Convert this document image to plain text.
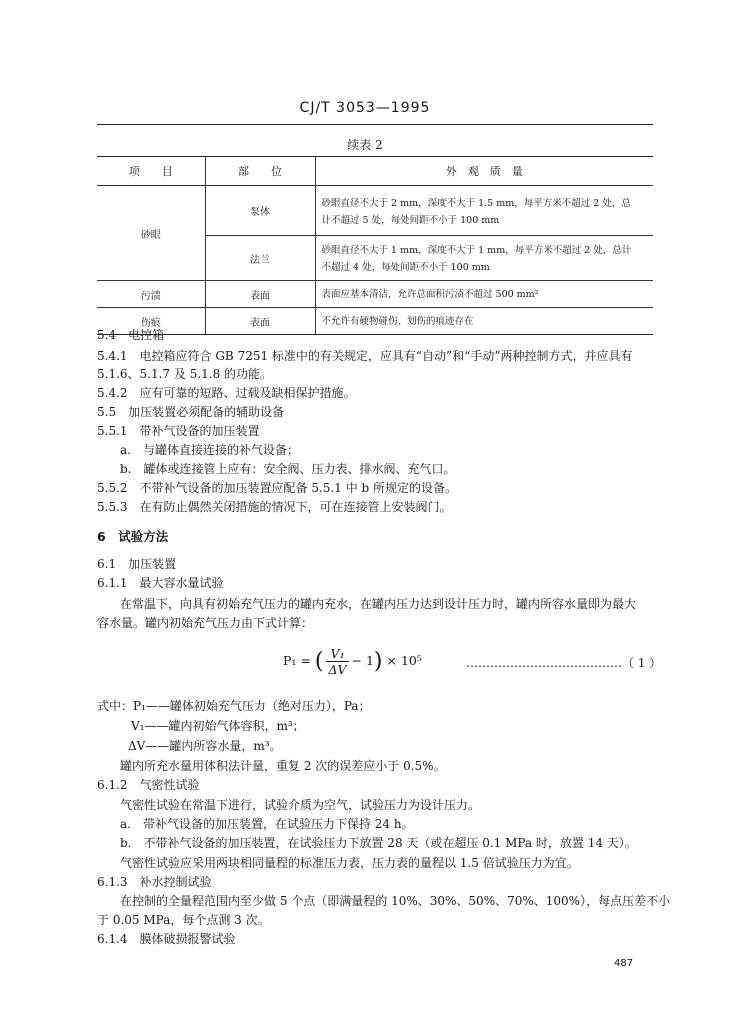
CJ/T 3053—1995
续表 2
项　　目	部　　位	外　观　质　量
砂眼	泵体	砂眼直径不大于 2 mm，深度不大于 1.5 mm，每平方米不超过 2 处，总
计不超过 5 处，每处间距不小于 100 mm

	法兰	砂眼直径不大于 1 mm，深度不大于 1 mm，每平方米不超过 2 处，总计
不超过 4 处，每处间距不小于 100 mm

污渍	表面	表面应基本清洁，允许总面积污渍不超过 500 mm²
伤痕	表面	不允许有硬物碰伤、划伤的痕迹存在
5.4　电控箱
5.4.1　电控箱应符合 GB 7251 标准中的有关规定，应具有“自动”和“手动”两种控制方式，并应具有
5.1.6、5.1.7 及 5.1.8 的功能。
5.4.2　应有可靠的短路、过载及缺相保护措施。
5.5　加压装置必须配备的辅助设备
5.5.1　带补气设备的加压装置
a.　与罐体直接连接的补气设备；
b.　罐体或连接管上应有：安全阀、压力表、排水阀、充气口。
5.5.2　不带补气设备的加压装置应配备 5.5.1 中 b 所规定的设备。
5.5.3　在有防止偶然关闭措施的情况下，可在连接管上安装阀门。
6　试验方法
6.1　加压装置
6.1.1　最大容水量试验
在常温下，向具有初始充气压力的罐内充水，在罐内压力达到设计压力时，罐内所容水量即为最大
容水量。罐内初始充气压力由下式计算：
P₁ = ( $\frac{\text{V₁}}{\Delta V} - 1) \times 10^5$	…………………………………（ 1 ）
式中：P₁——罐体初始充气压力（绝对压力），Pa；
V₁——罐内初始气体容积，m³；
ΔV——罐内所容水量，m³。
罐内所充水量用体积法计量，重复 2 次的误差应小于 0.5%。
6.1.2　气密性试验
气密性试验在常温下进行，试验介质为空气，试验压力为设计压力。
a.　带补气设备的加压装置，在试验压力下保持 24 h。
b.　不带补气设备的加压装置，在试验压力下放置 28 天（或在超压 0.1 MPa 时，放置 14 天）。
气密性试验应采用两块相同量程的标准压力表，压力表的量程以 1.5 倍试验压力为宜。
6.1.3　补水控制试验
在控制的全量程范围内至少做 5 个点（即满量程的 10%、30%、50%、70%、100%），每点压差不小
于 0.05 MPa，每个点测 3 次。
6.1.4　膜体破损报警试验
487
